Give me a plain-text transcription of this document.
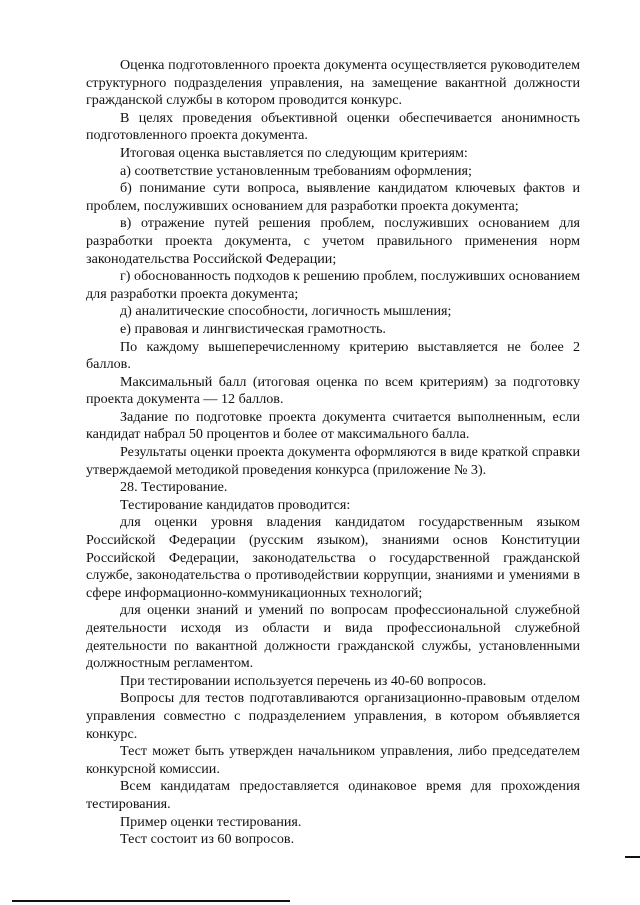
Оценка подготовленного проекта документа осуществляется руководителем структурного подразделения управления, на замещение вакантной должности гражданской службы в котором проводится конкурс.

В целях проведения объективной оценки обеспечивается анонимность подготовленного проекта документа.

Итоговая оценка выставляется по следующим критериям:

а) соответствие установленным требованиям оформления;

б) понимание сути вопроса, выявление кандидатом ключевых фактов и проблем, послуживших основанием для разработки проекта документа;

в) отражение путей решения проблем, послуживших основанием для разработки проекта документа, с учетом правильного применения норм законодательства Российской Федерации;

г) обоснованность подходов к решению проблем, послуживших основанием для разработки проекта документа;

д) аналитические способности, логичность мышления;

е) правовая и лингвистическая грамотность.

По каждому вышеперечисленному критерию выставляется не более 2 баллов.

Максимальный балл (итоговая оценка по всем критериям) за подготовку проекта документа — 12 баллов.

Задание по подготовке проекта документа считается выполненным, если кандидат набрал 50 процентов и более от максимального балла.

Результаты оценки проекта документа оформляются в виде краткой справки утверждаемой методикой проведения конкурса (приложение № 3).

28. Тестирование.

Тестирование кандидатов проводится:

для оценки уровня владения кандидатом государственным языком Российской Федерации (русским языком), знаниями основ Конституции Российской Федерации, законодательства о государственной гражданской службе, законодательства о противодействии коррупции, знаниями и умениями в сфере информационно-коммуникационных технологий;

для оценки знаний и умений по вопросам профессиональной служебной деятельности исходя из области и вида профессиональной служебной деятельности по вакантной должности гражданской службы, установленными должностным регламентом.

При тестировании используется перечень из 40-60 вопросов.

Вопросы для тестов подготавливаются организационно-правовым отделом управления совместно с подразделением управления, в котором объявляется конкурс.

Тест может быть утвержден начальником управления, либо председателем конкурсной комиссии.

Всем кандидатам предоставляется одинаковое время для прохождения тестирования.

Пример оценки тестирования.

Тест состоит из 60 вопросов.
